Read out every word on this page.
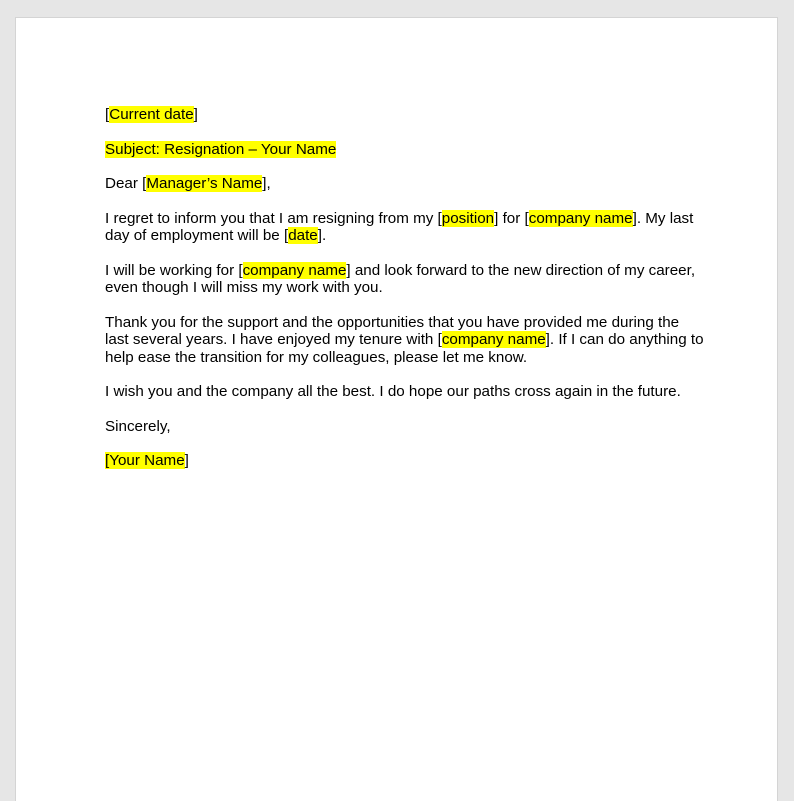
[Current date]

Subject: Resignation – Your Name

Dear [Manager’s Name],

I regret to inform you that I am resigning from my [position] for [company name]. My last day of employment will be [date].

I will be working for [company name] and look forward to the new direction of my career, even though I will miss my work with you.

Thank you for the support and the opportunities that you have provided me during the last several years. I have enjoyed my tenure with [company name]. If I can do anything to help ease the transition for my colleagues, please let me know.

I wish you and the company all the best. I do hope our paths cross again in the future.

Sincerely,

[Your Name]
